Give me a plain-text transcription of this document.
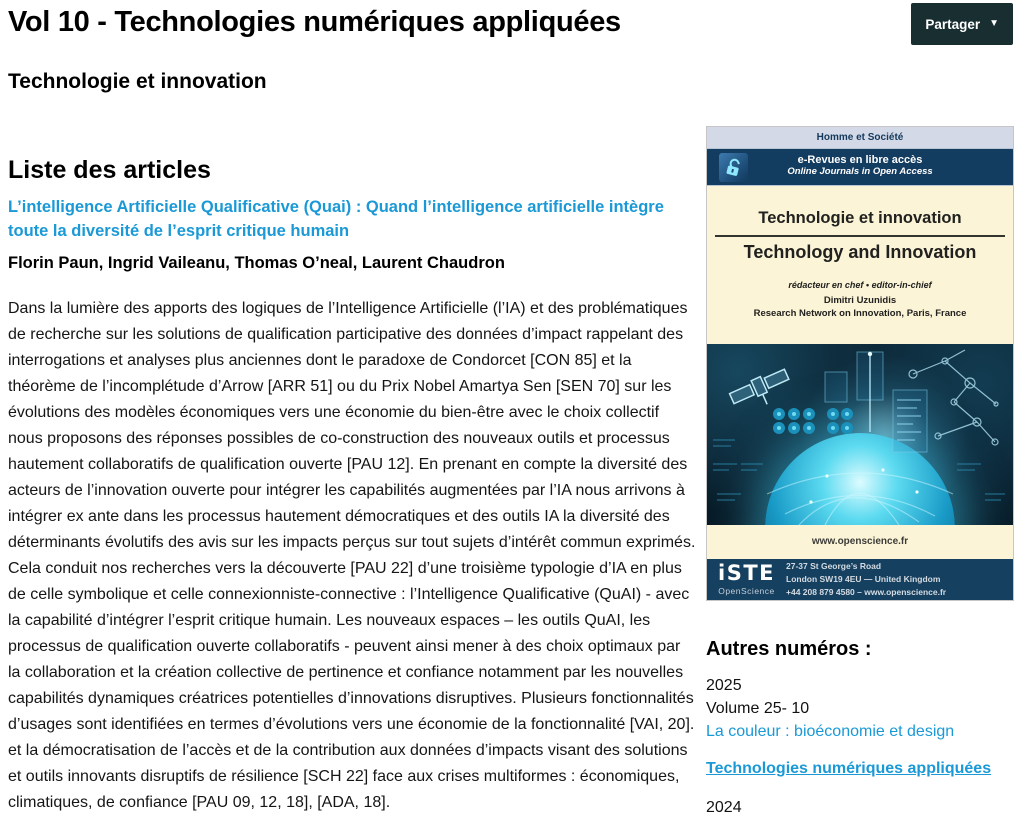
Vol 10 - Technologies numériques appliquées	Partager ▼
Technologie et innovation
Liste des articles
L’intelligence Artificielle Qualificative (Quai) : Quand l’intelligence artificielle intègre toute la diversité de l’esprit critique humain
Florin Paun, Ingrid Vaileanu, Thomas O’neal, Laurent Chaudron

Dans la lumière des apports des logiques de l’Intelligence Artificielle (l’IA) et des problématiques de recherche sur les solutions de qualification participative des données d’impact rappelant des interrogations et analyses plus anciennes dont le paradoxe de Condorcet [CON 85] et la théorème de l’incomplétude d’Arrow [ARR 51] ou du Prix Nobel Amartya Sen [SEN 70] sur les évolutions des modèles économiques vers une économie du bien-être avec le choix collectif nous proposons des réponses possibles de co-construction des nouveaux outils et processus hautement collaboratifs de qualification ouverte [PAU 12]. En prenant en compte la diversité des acteurs de l’innovation ouverte pour intégrer les capabilités augmentées par l’IA nous arrivons à intégrer ex ante dans les processus hautement démocratiques et des outils IA la diversité des déterminants évolutifs des avis sur les impacts perçus sur tout sujets d’intérêt commun exprimés. Cela conduit nos recherches vers la découverte [PAU 22] d’une troisième typologie d’IA en plus de celle symbolique et celle connexionniste-connective : l’Intelligence Qualificative (QuAI) - avec la capabilité d’intégrer l’esprit critique humain. Les nouveaux espaces – les outils QuAI, les processus de qualification ouverte collaboratifs - peuvent ainsi mener à des choix optimaux par la collaboration et la création collective de pertinence et confiance notamment par les nouvelles capabilités dynamiques créatrices potentielles d’innovations disruptives. Plusieurs fonctionnalités d’usages sont identifiées en termes d’évolutions vers une économie de la fonctionnalité [VAI, 20]. et la démocratisation de l’accès et de la contribution aux données d’impacts visant des solutions et outils innovants disruptifs de résilience [SCH 22] face aux crises multiformes : économiques, climatiques, de confiance [PAU 09, 12, 18], [ADA, 18].

Homme et Société
e-Revues en libre accès
Online Journals in Open Access
Technologie et innovation
Technology and Innovation
rédacteur en chef • editor-in-chief
Dimitri Uzunidis
Research Network on Innovation, Paris, France
www.openscience.fr
iSTE
OpenScience
27-37 St George’s Road
London SW19 4EU — United Kingdom
+44 208 879 4580 – www.openscience.fr
Autres numéros :
2025
Volume 25- 10
La couleur : bioéconomie et design
Technologies numériques appliquées
2024
